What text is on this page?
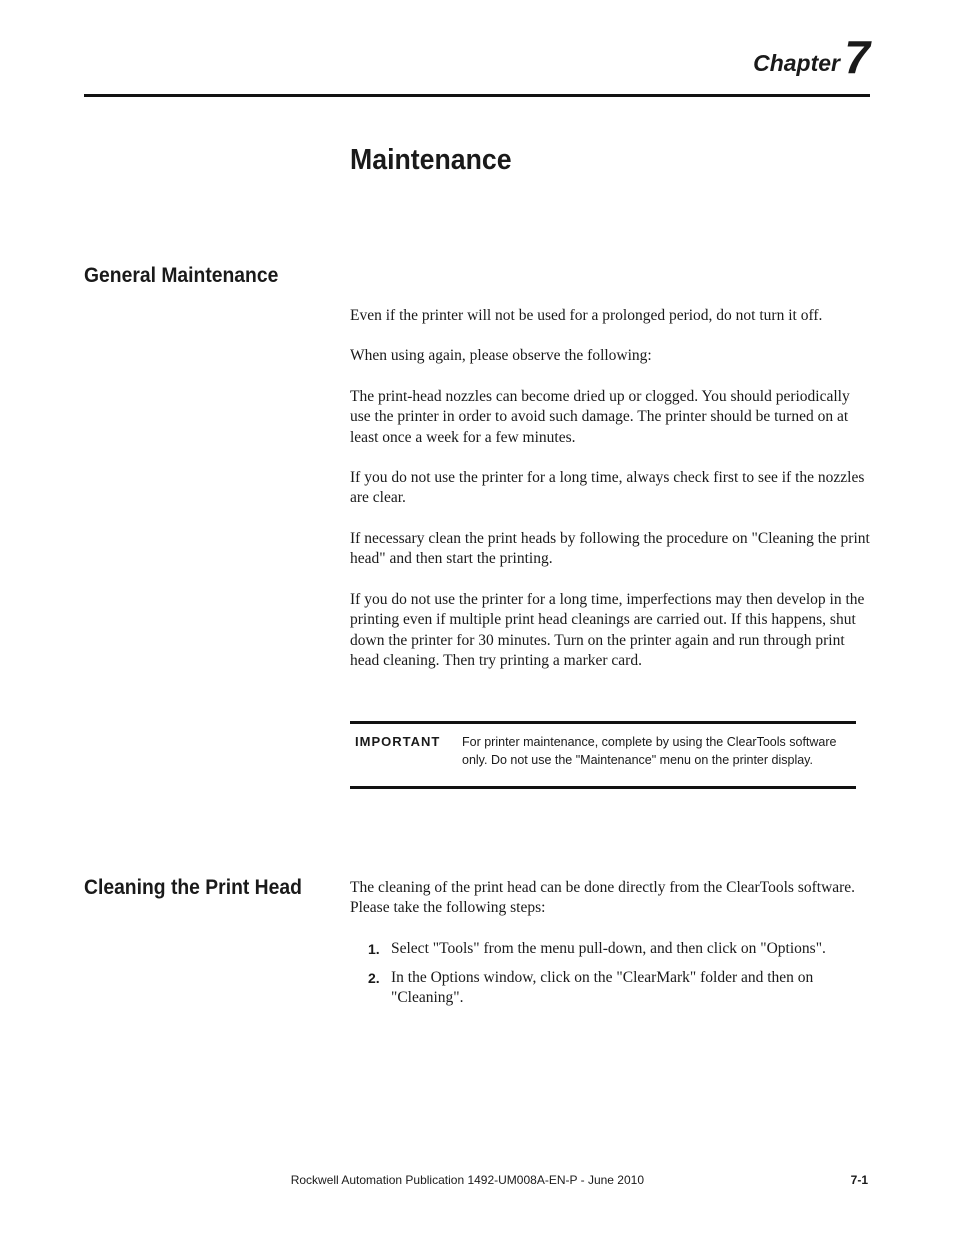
Chapter 7
Maintenance
General Maintenance

Even if the printer will not be used for a prolonged period, do not turn it off.

When using again, please observe the following:

The print-head nozzles can become dried up or clogged. You should periodically use the printer in order to avoid such damage. The printer should be turned on at least once a week for a few minutes.

If you do not use the printer for a long time, always check first to see if the nozzles are clear.

If necessary clean the print heads by following the procedure on "Cleaning the print head" and then start the printing.

If you do not use the printer for a long time, imperfections may then develop in the printing even if multiple print head cleanings are carried out. If this happens, shut down the printer for 30 minutes. Turn on the printer again and run through print head cleaning. Then try printing a marker card.

IMPORTANT For printer maintenance, complete by using the ClearTools software only. Do not use the "Maintenance" menu on the printer display.
Cleaning the Print Head	The cleaning of the print head can be done directly from the ClearTools software. Please take the following steps:

1. Select "Tools" from the menu pull-down, and then click on "Options".
2. In the Options window, click on the "ClearMark" folder and then on "Cleaning".
Rockwell Automation Publication 1492-UM008A-EN-P - June 2010	7-1
